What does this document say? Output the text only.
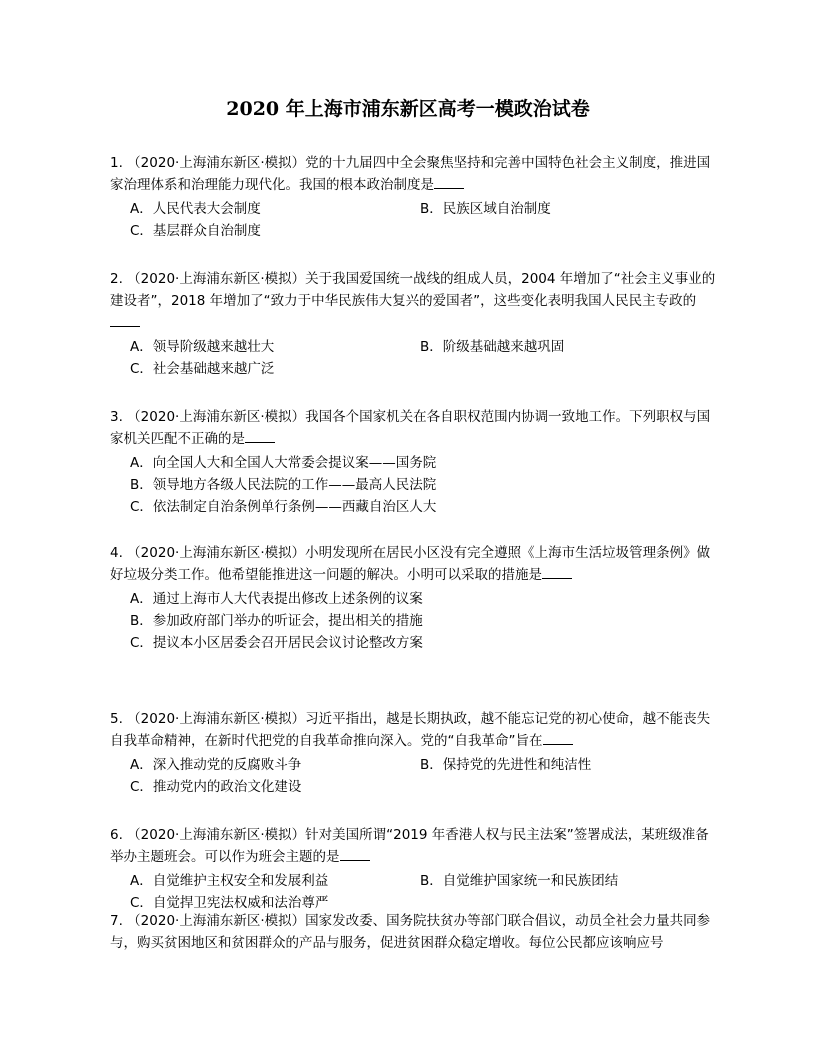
2020 年上海市浦东新区高考一模政治试卷
1. （2020·上海浦东新区·模拟）党的十九届四中全会聚焦坚持和完善中国特色社会主义制度，推进国家治理体系和治理能力现代化。我国的根本政治制度是
A．人民代表大会制度	B．民族区域自治制度
C．基层群众自治制度
2. （2020·上海浦东新区·模拟）关于我国爱国统一战线的组成人员，2004 年增加了“社会主义事业的建设者”，2018 年增加了“致力于中华民族伟大复兴的爱国者”，这些变化表明我国人民民主专政的
A．领导阶级越来越壮大	B．阶级基础越来越巩固
C．社会基础越来越广泛
3. （2020·上海浦东新区·模拟）我国各个国家机关在各自职权范围内协调一致地工作。下列职权与国家机关匹配不正确的是
A．向全国人大和全国人大常委会提议案——国务院
B．领导地方各级人民法院的工作——最高人民法院
C．依法制定自治条例单行条例——西藏自治区人大
4. （2020·上海浦东新区·模拟）小明发现所在居民小区没有完全遵照《上海市生活垃圾管理条例》做好垃圾分类工作。他希望能推进这一问题的解决。小明可以采取的措施是
A．通过上海市人大代表提出修改上述条例的议案
B．参加政府部门举办的听证会，提出相关的措施
C．提议本小区居委会召开居民会议讨论整改方案
5. （2020·上海浦东新区·模拟）习近平指出，越是长期执政，越不能忘记党的初心使命，越不能丧失自我革命精神，在新时代把党的自我革命推向深入。党的“自我革命”旨在
A．深入推动党的反腐败斗争	B．保持党的先进性和纯洁性
C．推动党内的政治文化建设
6. （2020·上海浦东新区·模拟）针对美国所谓“2019 年香港人权与民主法案”签署成法，某班级准备举办主题班会。可以作为班会主题的是
A．自觉维护主权安全和发展利益	B．自觉维护国家统一和民族团结
C．自觉捍卫宪法权威和法治尊严
7. （2020·上海浦东新区·模拟）国家发改委、国务院扶贫办等部门联合倡议，动员全社会力量共同参与，购买贫困地区和贫困群众的产品与服务，促进贫困群众稳定增收。每位公民都应该响应号
